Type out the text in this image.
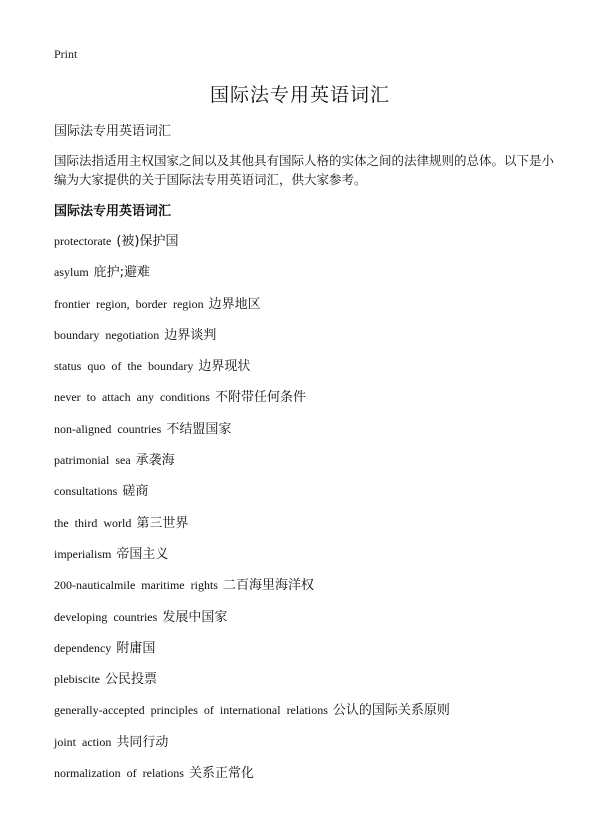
Print
国际法专用英语词汇
国际法专用英语词汇
国际法指适用主权国家之间以及其他具有国际人格的实体之间的法律规则的总体。以下是小编为大家提供的关于国际法专用英语词汇，供大家参考。
国际法专用英语词汇
protectorate (被)保护国
asylum 庇护;避难
frontier region, border region 边界地区
boundary negotiation 边界谈判
status quo of the boundary 边界现状
never to attach any conditions 不附带任何条件
non-aligned countries 不结盟国家
patrimonial sea 承袭海
consultations 磋商
the third world 第三世界
imperialism 帝国主义
200-nauticalmile maritime rights 二百海里海洋权
developing countries 发展中国家
dependency 附庸国
plebiscite 公民投票
generally-accepted principles of international relations 公认的国际关系原则
joint action 共同行动
normalization of relations 关系正常化
